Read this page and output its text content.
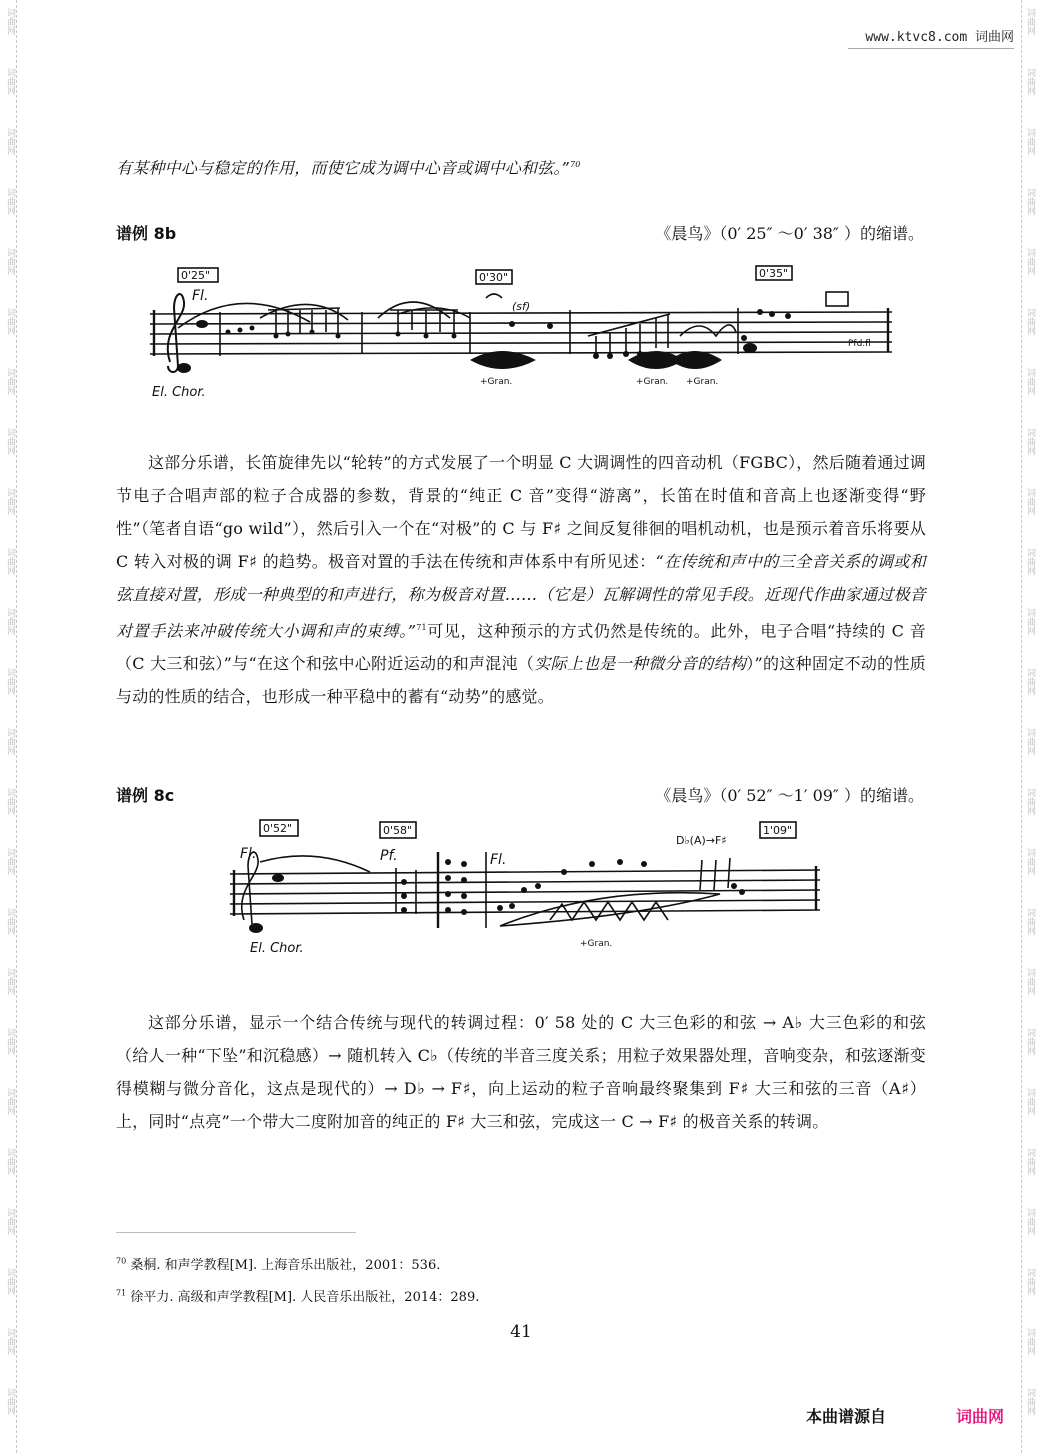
词曲网
词曲网
词曲网
词曲网
词曲网
词曲网
词曲网
词曲网
词曲网
词曲网
词曲网
词曲网
词曲网
词曲网
词曲网
词曲网
词曲网
词曲网
词曲网
词曲网
词曲网
词曲网
词曲网
词曲网
词曲网
词曲网
词曲网
词曲网
词曲网
词曲网
词曲网
词曲网
词曲网
词曲网
词曲网
词曲网
词曲网
词曲网
词曲网
词曲网
词曲网
词曲网
词曲网
词曲网
词曲网
词曲网
词曲网
词曲网
www.ktvc8.com 词曲网

有某种中心与稳定的作用，而使它成为调中心音或调中心和弦。”$^{70}$

谱例 8b	《晨鸟》（0′ 25″ ～0′ 38″ ）的缩谱。
0'25"	0'30"	0'35"
Fl.
(sf)
El. Chor.
+Gran.	+Gran. +Gran.
Pfd.fl

这部分乐谱，长笛旋律先以“轮转”的方式发展了一个明显 C 大调调性的四音动机（FGBC），然后随着通过调节电子合唱声部的粒子合成器的参数，背景的“纯正 C 音”变得“游离”，长笛在时值和音高上也逐渐变得“野性”（笔者自语“go wild”），然后引入一个在“对极”的 C 与 F♯ 之间反复徘徊的唱机动机，也是预示着音乐将要从 C 转入对极的调 F♯ 的趋势。极音对置的手法在传统和声体系中有所见述：“在传统和声中的三全音关系的调或和弦直接对置，形成一种典型的和声进行，称为极音对置……（它是）瓦解调性的常见手段。近现代作曲家通过极音对置手法来冲破传统大小调和声的束缚。”$^{71}$可见，这种预示的方式仍然是传统的。此外，电子合唱“持续的 C 音（C 大三和弦）”与“在这个和弦中心附近运动的和声混沌（实际上也是一种微分音的结构）”的这种固定不动的性质与动的性质的结合，也形成一种平稳中的蓄有“动势”的感觉。

谱例 8c	《晨鸟》（0′ 52″ ～1′ 09″ ）的缩谱。
0'52"	0'58"	1'09"
Fl.	Pf.	Fl.
D♭(A)→F♯
El. Chor.	+Gran.

这部分乐谱，显示一个结合传统与现代的转调过程：0′ 58 处的 C 大三色彩的和弦 → A♭ 大三色彩的和弦（给人一种“下坠”和沉稳感）→ 随机转入 C♭（传统的半音三度关系；用粒子效果器处理，音响变杂，和弦逐渐变得模糊与微分音化，这点是现代的）→ D♭ → F♯，向上运动的粒子音响最终聚集到 F♯ 大三和弦的三音（A♯）上，同时“点亮”一个带大二度附加音的纯正的 F♯ 大三和弦，完成这一 C → F♯ 的极音关系的转调。

$^{70}$ 桑桐. 和声学教程[M]. 上海音乐出版社，2001：536.
$^{71}$ 徐平力. 高级和声学教程[M]. 人民音乐出版社，2014：289.
41
本曲谱源自	词曲网
